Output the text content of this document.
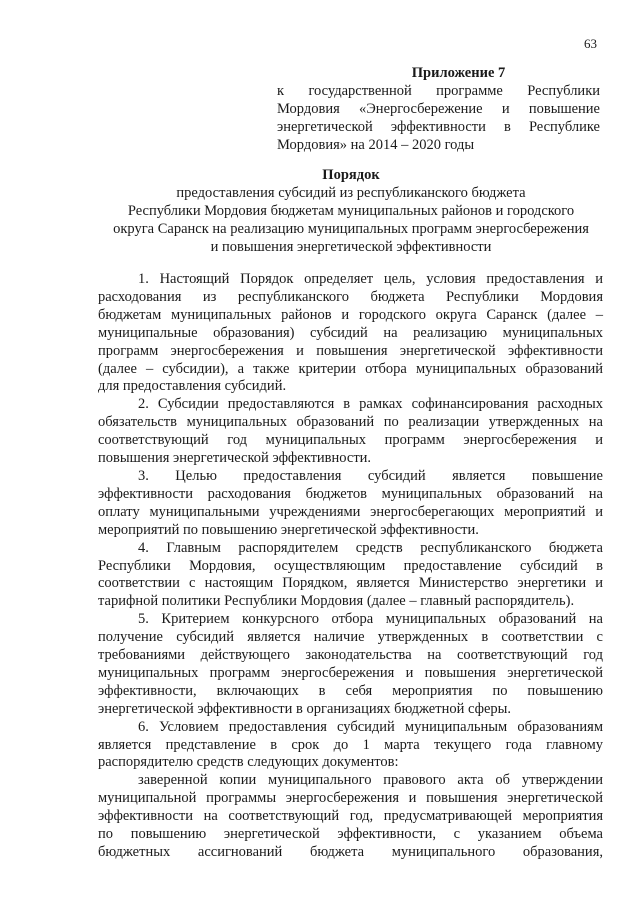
63
Приложение 7
к государственной программе Республики
Мордовия «Энергосбережение и повышение
энергетической эффективности в Республике
Мордовия» на 2014 – 2020 годы
Порядок
предоставления субсидий из республиканского бюджета
Республики Мордовия бюджетам муниципальных районов и городского
округа Саранск на реализацию муниципальных программ энергосбережения
и повышения энергетической эффективности
1. Настоящий Порядок определяет цель, условия предоставления и
расходования из республиканского бюджета Республики Мордовия
бюджетам муниципальных районов и городского округа Саранск (далее –
муниципальные образования) субсидий на реализацию муниципальных
программ энергосбережения и повышения энергетической эффективности
(далее – субсидии), а также критерии отбора муниципальных образований
для предоставления субсидий.
2. Субсидии предоставляются в рамках софинансирования расходных
обязательств муниципальных образований по реализации утвержденных на
соответствующий год муниципальных программ энергосбережения и
повышения энергетической эффективности.
3. Целью предоставления субсидий является повышение
эффективности расходования бюджетов муниципальных образований на
оплату муниципальными учреждениями энергосберегающих мероприятий и
мероприятий по повышению энергетической эффективности.
4. Главным распорядителем средств республиканского бюджета
Республики Мордовия, осуществляющим предоставление субсидий в
соответствии с настоящим Порядком, является Министерство энергетики и
тарифной политики Республики Мордовия (далее – главный распорядитель).
5. Критерием конкурсного отбора муниципальных образований на
получение субсидий является наличие утвержденных в соответствии с
требованиями действующего законодательства на соответствующий год
муниципальных программ энергосбережения и повышения энергетической
эффективности, включающих в себя мероприятия по повышению
энергетической эффективности в организациях бюджетной сферы.
6. Условием предоставления субсидий муниципальным образованиям
является представление в срок до 1 марта текущего года главному
распорядителю средств следующих документов:
заверенной копии муниципального правового акта об утверждении
муниципальной программы энергосбережения и повышения энергетической
эффективности на соответствующий год, предусматривающей мероприятия
по повышению энергетической эффективности, с указанием объема
бюджетных ассигнований бюджета муниципального образования,
